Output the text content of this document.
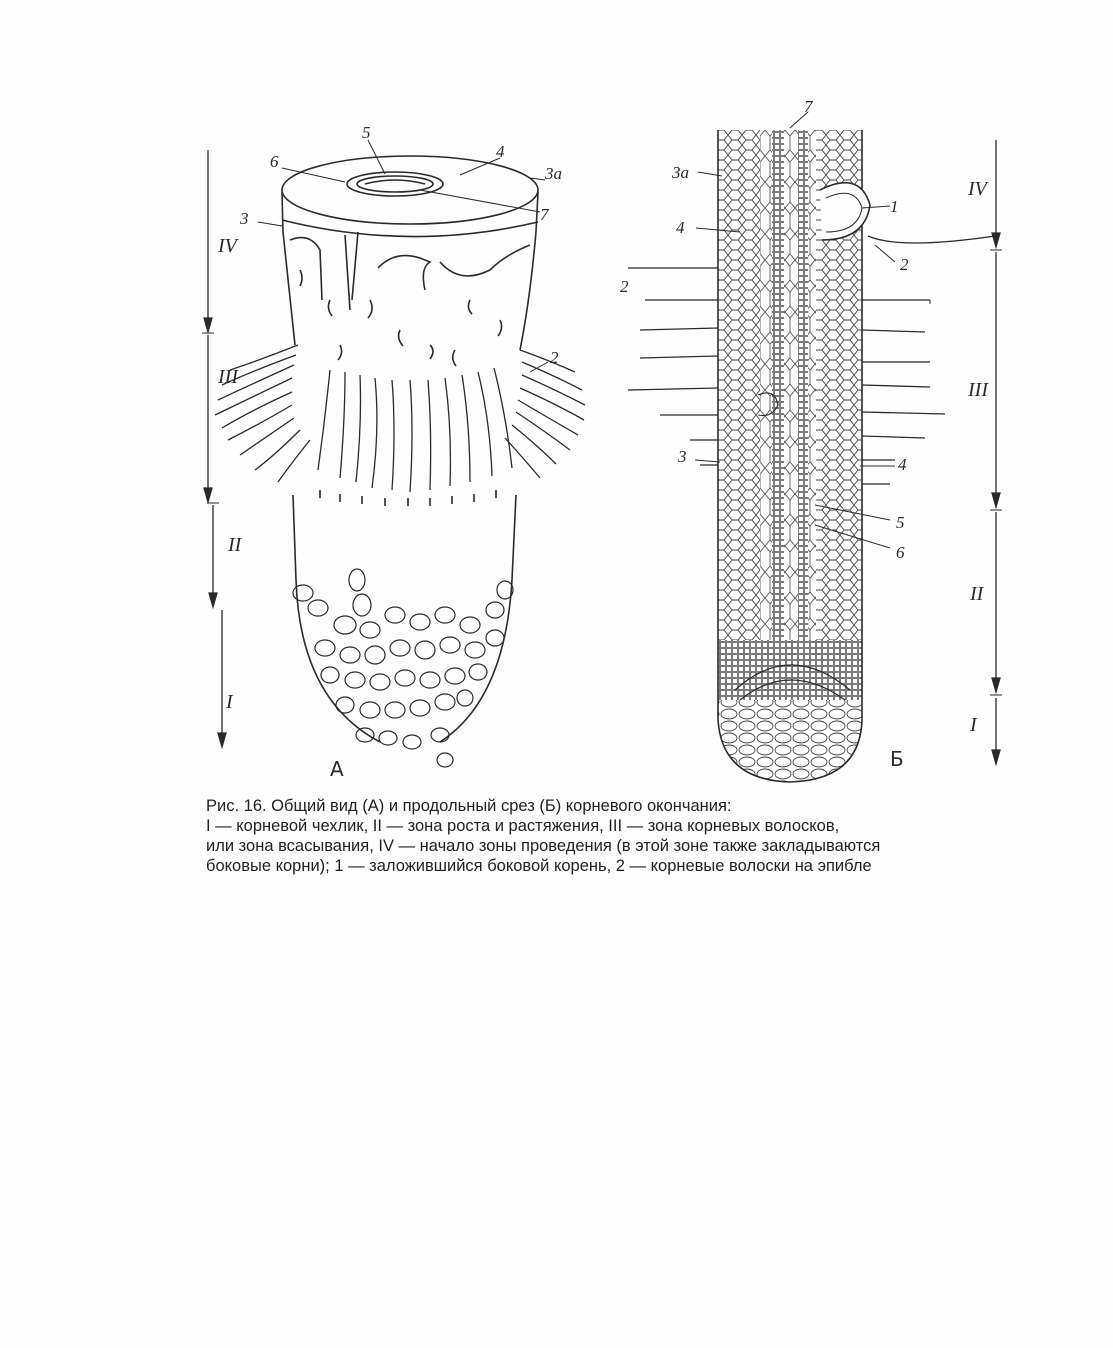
IV
III
II
I
5
4
6
3а
7
3
2
IV
III
II
I
7
3а
4
1
2
2
3	4
5
6
А	Б

Рис. 16. Общий вид (А) и продольный срез (Б) корневого окончания:

I — корневой чехлик, II — зона роста и растяжения, III — зона корневых волосков,

или зона всасывания, IV — начало зоны проведения (в этой зоне также закладываются

боковые корни); 1 — заложившийся боковой корень, 2 — корневые волоски на эпибле
